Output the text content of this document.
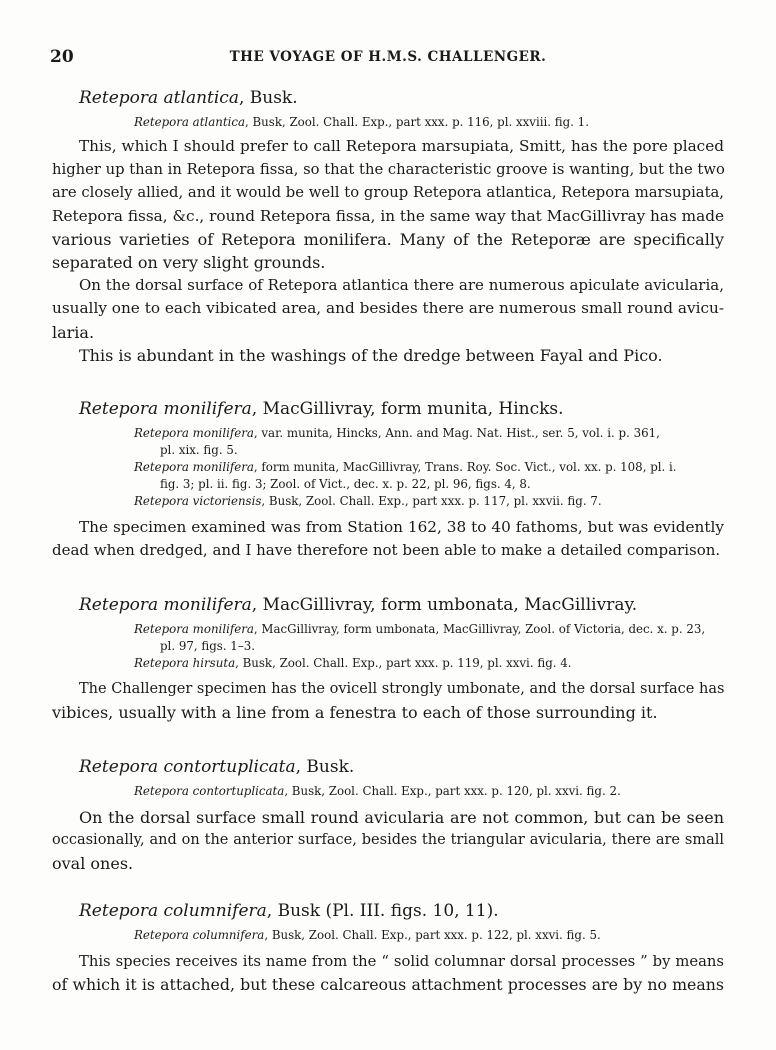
20	THE VOYAGE OF H.M.S. CHALLENGER.
Retepora atlantica, Busk.
Retepora atlantica, Busk, Zool. Chall. Exp., part xxx. p. 116, pl. xxviii. fig. 1.
This, which I should prefer to call Retepora marsupiata, Smitt, has the pore placed
higher up than in Retepora fissa, so that the characteristic groove is wanting, but the two
are closely allied, and it would be well to group Retepora atlantica, Retepora marsupiata,
Retepora fissa, &c., round Retepora fissa, in the same way that MacGillivray has made
various varieties of Retepora monilifera. Many of the Reteporæ are specifically
separated on very slight grounds.
On the dorsal surface of Retepora atlantica there are numerous apiculate avicularia,
usually one to each vibicated area, and besides there are numerous small round avicu-
laria.
This is abundant in the washings of the dredge between Fayal and Pico.
Retepora monilifera, MacGillivray, form munita, Hincks.
Retepora monilifera, var. munita, Hincks, Ann. and Mag. Nat. Hist., ser. 5, vol. i. p. 361,
pl. xix. fig. 5.
Retepora monilifera, form munita, MacGillivray, Trans. Roy. Soc. Vict., vol. xx. p. 108, pl. i.
fig. 3; pl. ii. fig. 3; Zool. of Vict., dec. x. p. 22, pl. 96, figs. 4, 8.
Retepora victoriensis, Busk, Zool. Chall. Exp., part xxx. p. 117, pl. xxvii. fig. 7.
The specimen examined was from Station 162, 38 to 40 fathoms, but was evidently
dead when dredged, and I have therefore not been able to make a detailed comparison.
Retepora monilifera, MacGillivray, form umbonata, MacGillivray.
Retepora monilifera, MacGillivray, form umbonata, MacGillivray, Zool. of Victoria, dec. x. p. 23,
pl. 97, figs. 1–3.
Retepora hirsuta, Busk, Zool. Chall. Exp., part xxx. p. 119, pl. xxvi. fig. 4.
The Challenger specimen has the ovicell strongly umbonate, and the dorsal surface has
vibices, usually with a line from a fenestra to each of those surrounding it.
Retepora contortuplicata, Busk.
Retepora contortuplicata, Busk, Zool. Chall. Exp., part xxx. p. 120, pl. xxvi. fig. 2.
On the dorsal surface small round avicularia are not common, but can be seen
occasionally, and on the anterior surface, besides the triangular avicularia, there are small
oval ones.
Retepora columnifera, Busk (Pl. III. figs. 10, 11).
Retepora columnifera, Busk, Zool. Chall. Exp., part xxx. p. 122, pl. xxvi. fig. 5.
This species receives its name from the “ solid columnar dorsal processes ” by means
of which it is attached, but these calcareous attachment processes are by no means
